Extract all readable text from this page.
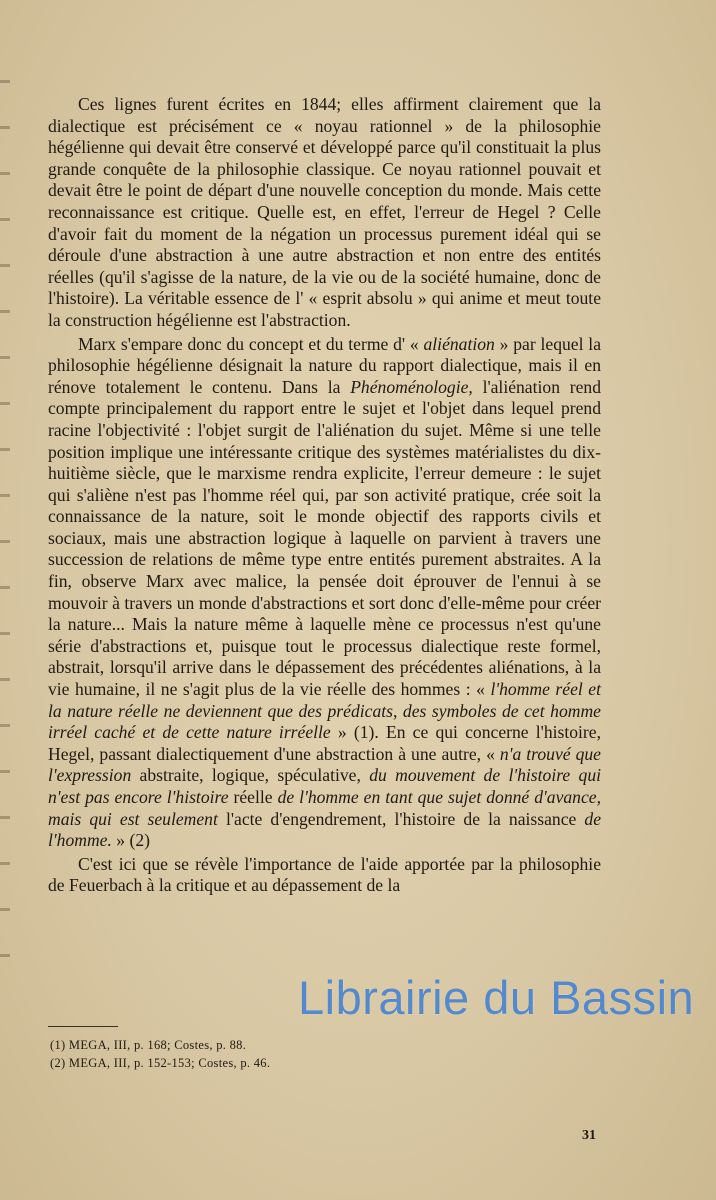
Ces lignes furent écrites en 1844; elles affirment clairement que la dialectique est précisément ce « noyau rationnel » de la philosophie hégélienne qui devait être conservé et développé parce qu'il constituait la plus grande conquête de la philosophie classique. Ce noyau rationnel pouvait et devait être le point de départ d'une nouvelle conception du monde. Mais cette reconnaissance est critique. Quelle est, en effet, l'erreur de Hegel ? Celle d'avoir fait du moment de la négation un processus purement idéal qui se déroule d'une abstraction à une autre abstraction et non entre des entités réelles (qu'il s'agisse de la nature, de la vie ou de la société humaine, donc de l'histoire). La véritable essence de l' « esprit absolu » qui anime et meut toute la construction hégélienne est l'abstraction.

Marx s'empare donc du concept et du terme d' « aliénation » par lequel la philosophie hégélienne désignait la nature du rapport dialectique, mais il en rénove totalement le contenu. Dans la Phénoménologie, l'aliénation rend compte principalement du rapport entre le sujet et l'objet dans lequel prend racine l'objectivité : l'objet surgit de l'aliénation du sujet. Même si une telle position implique une intéressante critique des systèmes matérialistes du dix-huitième siècle, que le marxisme rendra explicite, l'erreur demeure : le sujet qui s'aliène n'est pas l'homme réel qui, par son activité pratique, crée soit la connaissance de la nature, soit le monde objectif des rapports civils et sociaux, mais une abstraction logique à laquelle on parvient à travers une succession de relations de même type entre entités purement abstraites. A la fin, observe Marx avec malice, la pensée doit éprouver de l'ennui à se mouvoir à travers un monde d'abstractions et sort donc d'elle-même pour créer la nature... Mais la nature même à laquelle mène ce processus n'est qu'une série d'abstractions et, puisque tout le processus dialectique reste formel, abstrait, lorsqu'il arrive dans le dépassement des précédentes aliénations, à la vie humaine, il ne s'agit plus de la vie réelle des hommes : « l'homme réel et la nature réelle ne deviennent que des prédicats, des symboles de cet homme irréel caché et de cette nature irréelle » (1). En ce qui concerne l'histoire, Hegel, passant dialectiquement d'une abstraction à une autre, « n'a trouvé que l'expression abstraite, logique, spéculative, du mouvement de l'histoire qui n'est pas encore l'histoire réelle de l'homme en tant que sujet donné d'avance, mais qui est seulement l'acte d'engendrement, l'histoire de la naissance de l'homme. » (2)

C'est ici que se révèle l'importance de l'aide apportée par la philosophie de Feuerbach à la critique et au dépassement de la

(1) MEGA, III, p. 168; Costes, p. 88.
(2) MEGA, III, p. 152-153; Costes, p. 46.
31
Librairie du Bassin
